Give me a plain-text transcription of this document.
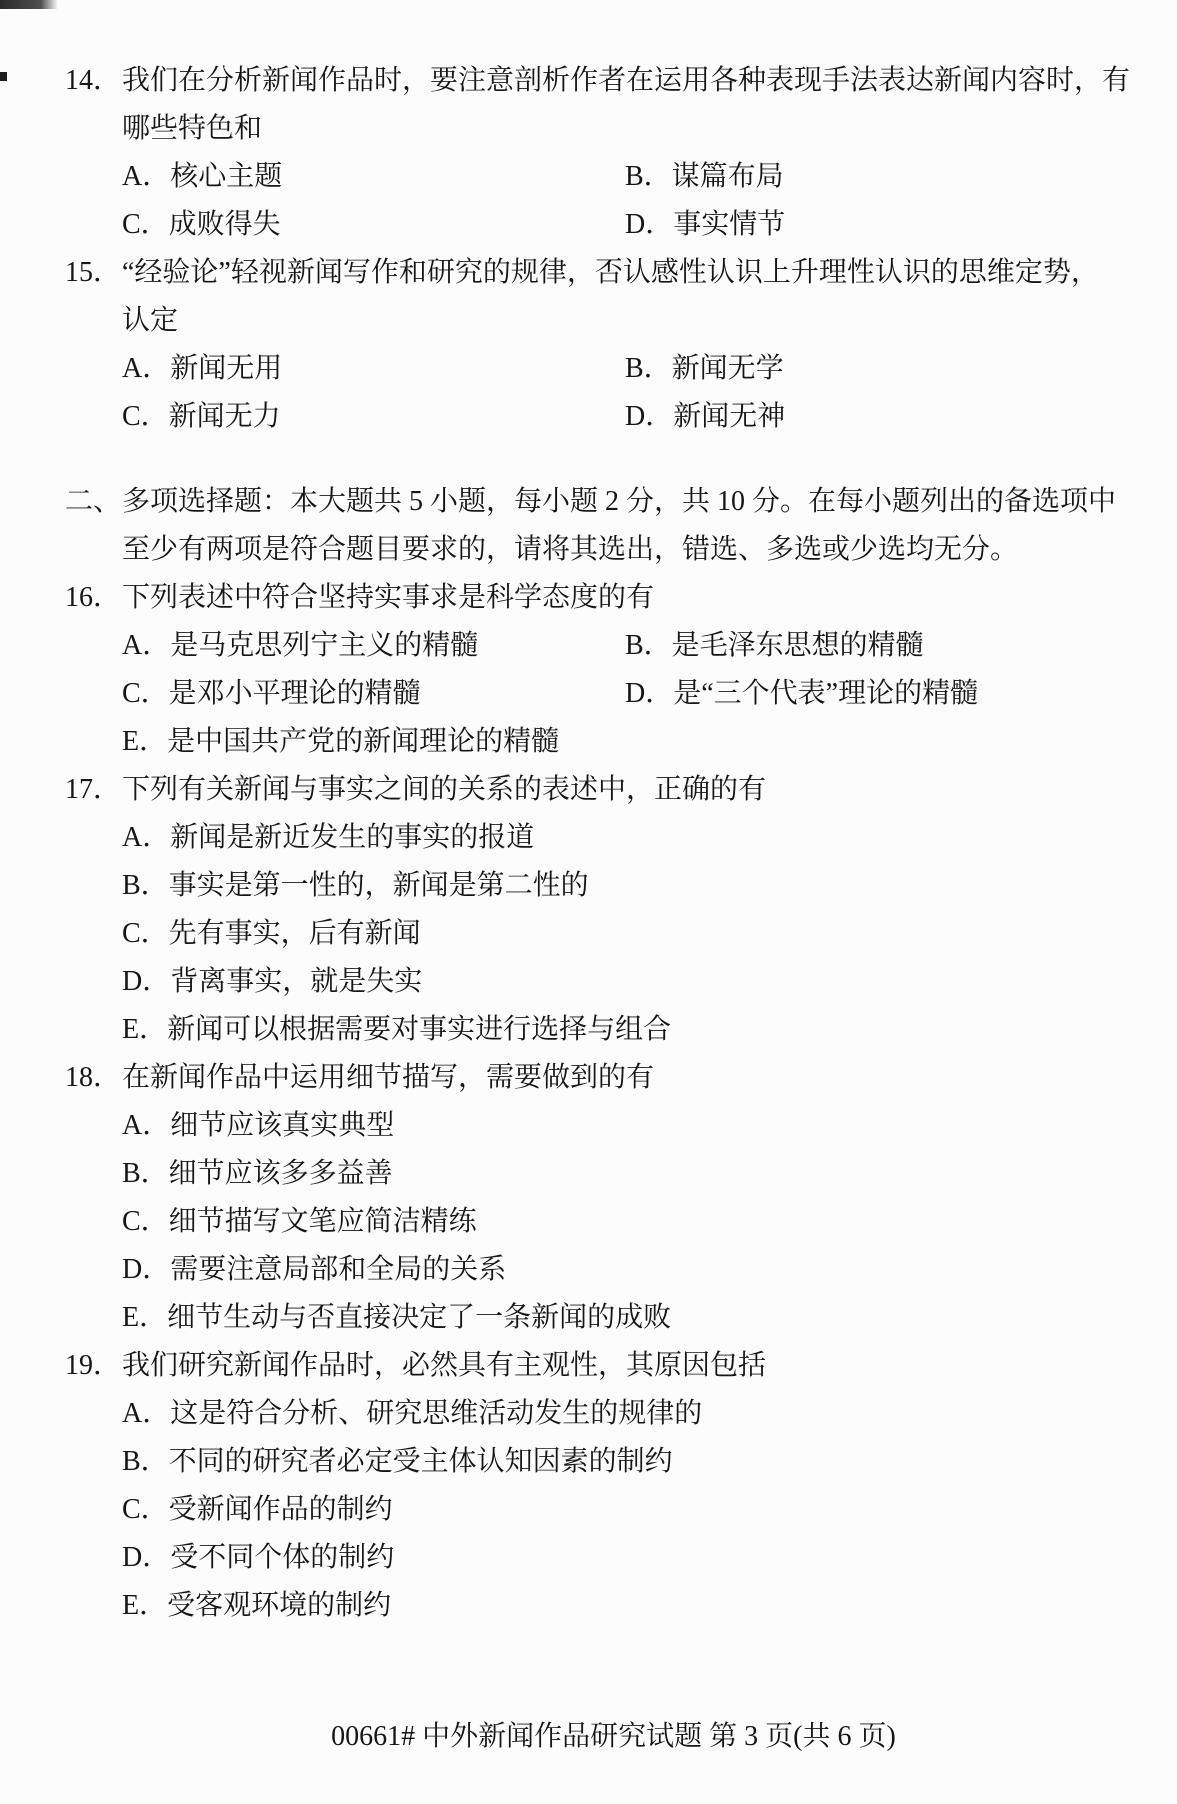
14． 我们在分析新闻作品时，要注意剖析作者在运用各种表现手法表达新闻内容时，有
哪些特色和
A．核心主题	B．谋篇布局
C．成败得失	D．事实情节
15． “经验论”轻视新闻写作和研究的规律，否认感性认识上升理性认识的思维定势，
认定
A．新闻无用	B．新闻无学
C．新闻无力	D．新闻无神
二、 多项选择题：本大题共 5 小题，每小题 2 分，共 10 分。在每小题列出的备选项中
至少有两项是符合题目要求的，请将其选出，错选、多选或少选均无分。
16． 下列表述中符合坚持实事求是科学态度的有
A．是马克思列宁主义的精髓	B．是毛泽东思想的精髓
C．是邓小平理论的精髓	D．是“三个代表”理论的精髓
E．是中国共产党的新闻理论的精髓
17． 下列有关新闻与事实之间的关系的表述中，正确的有
A．新闻是新近发生的事实的报道
B．事实是第一性的，新闻是第二性的
C．先有事实，后有新闻
D．背离事实，就是失实
E．新闻可以根据需要对事实进行选择与组合
18． 在新闻作品中运用细节描写，需要做到的有
A．细节应该真实典型
B．细节应该多多益善
C．细节描写文笔应简洁精练
D．需要注意局部和全局的关系
E．细节生动与否直接决定了一条新闻的成败
19． 我们研究新闻作品时，必然具有主观性，其原因包括
A．这是符合分析、研究思维活动发生的规律的
B．不同的研究者必定受主体认知因素的制约
C．受新闻作品的制约
D．受不同个体的制约
E．受客观环境的制约
00661# 中外新闻作品研究试题 第 3 页(共 6 页)
